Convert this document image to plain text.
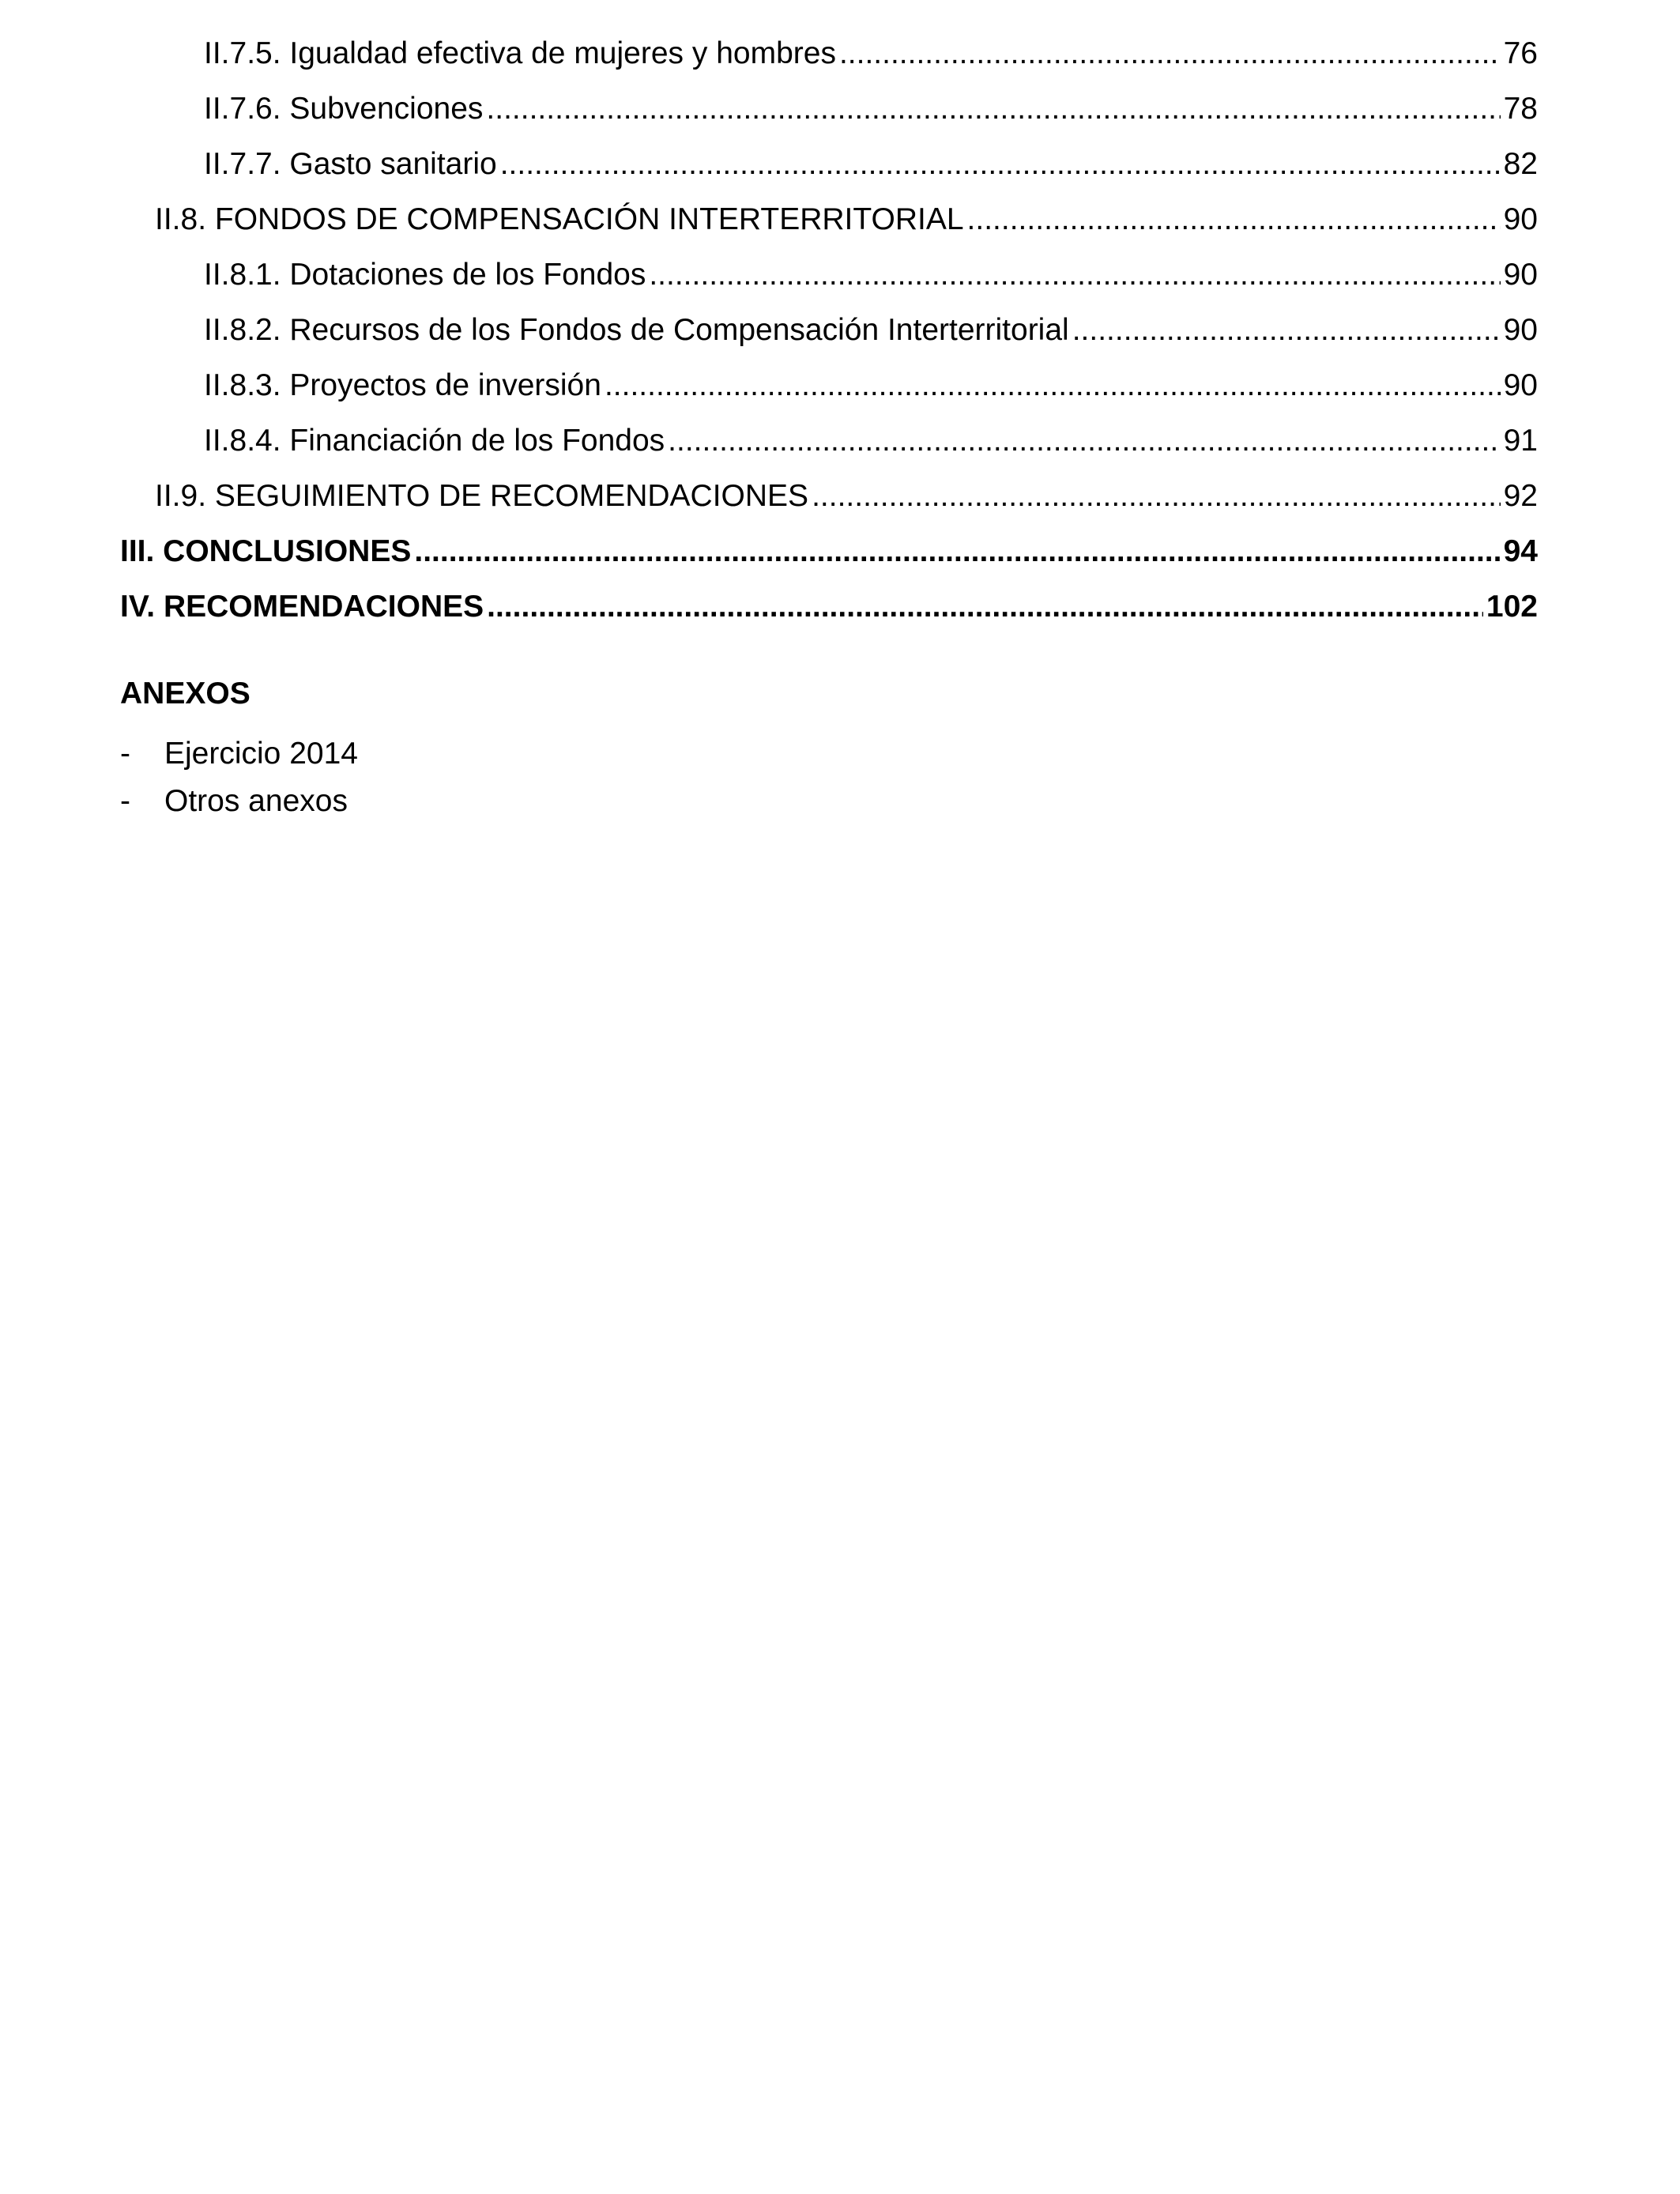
II.7.5. Igualdad efectiva de mujeres y hombres .....	76
II.7.6. Subvenciones .....	78
II.7.7. Gasto sanitario .....	82
II.8. FONDOS DE COMPENSACIÓN INTERTERRITORIAL .....	90
II.8.1. Dotaciones de los Fondos .....	90
II.8.2. Recursos de los Fondos de Compensación Interterritorial .....	90
II.8.3. Proyectos de inversión .....	90
II.8.4. Financiación de los Fondos .....	91
II.9. SEGUIMIENTO DE RECOMENDACIONES .....	92
III. CONCLUSIONES .....	94
IV. RECOMENDACIONES .....	102
ANEXOS
-	Ejercicio 2014
-	Otros anexos
